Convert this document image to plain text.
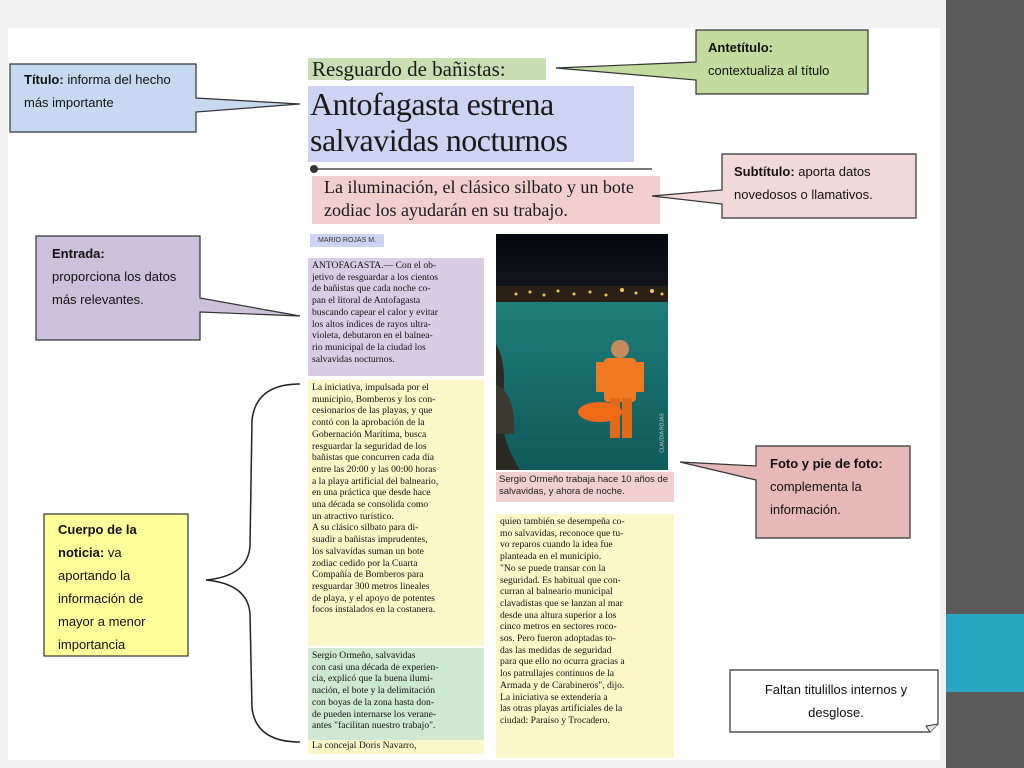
Resguardo de bañistas:
Antofagasta estrena salvavidas nocturnos
La iluminación, el clásico silbato y un bote zodiac los ayudarán en su trabajo.
MARIO ROJAS M.
ANTOFAGASTA.— Con el ob-
jetivo de resguardar a los cientos
de bañistas que cada noche co-
pan el litoral de Antofagasta
buscando capear el calor y evitar
los altos índices de rayos ultra-
violeta, debutaron en el balnea-
rio municipal de la ciudad los
salvavidas nocturnos.
La iniciativa, impulsada por el
municipio, Bomberos y los con-
cesionarios de las playas, y que
contó con la aprobación de la
Gobernación Marítima, busca
resguardar la seguridad de los
bañistas que concurren cada día
entre las 20:00 y las 00:00 horas
a la playa artificial del balneario,
en una práctica que desde hace
una década se consolida como
un atractivo turístico.
A su clásico silbato para di-
suadir a bañistas imprudentes,
los salvavidas suman un bote
zodiac cedido por la Cuarta
Compañía de Bomberos para
resguardar 300 metros lineales
de playa, y el apoyo de potentes
focos instalados en la costanera.
Sergio Ormeño, salvavidas
con casi una década de experien-
cia, explicó que la buena ilumi-
nación, el bote y la delimitación
con boyas de la zona hasta don-
de pueden internarse los verane-
antes "facilitan nuestro trabajo".
La concejal Doris Navarro,
quien también se desempeña co-
mo salvavidas, reconoce que tu-
vo reparos cuando la idea fue
planteada en el municipio.
"No se puede transar con la
seguridad. Es habitual que con-
curran al balneario municipal
clavadistas que se lanzan al mar
desde una altura superior a los
cinco metros en sectores roco-
sos. Pero fueron adoptadas to-
das las medidas de seguridad
para que ello no ocurra gracias a
los patrullajes continuos de la
Armada y de Carabineros", dijo.
La iniciativa se extendería a
las otras playas artificiales de la
ciudad: Paraíso y Trocadero.
CLAUDIA ROJAS
Sergio Ormeño trabaja hace 10 años de salvavidas, y ahora de noche.
Título: informa del hecho más importante
Antetítulo:
contextualiza al título
Subtítulo: aporta datos novedosos o llamativos.
Entrada:
proporciona los datos más relevantes.
Foto y pie de foto:
complementa la información.
Cuerpo de la noticia: va aportando la información de mayor a menor importancia
Faltan titulillos internos y desglose.
